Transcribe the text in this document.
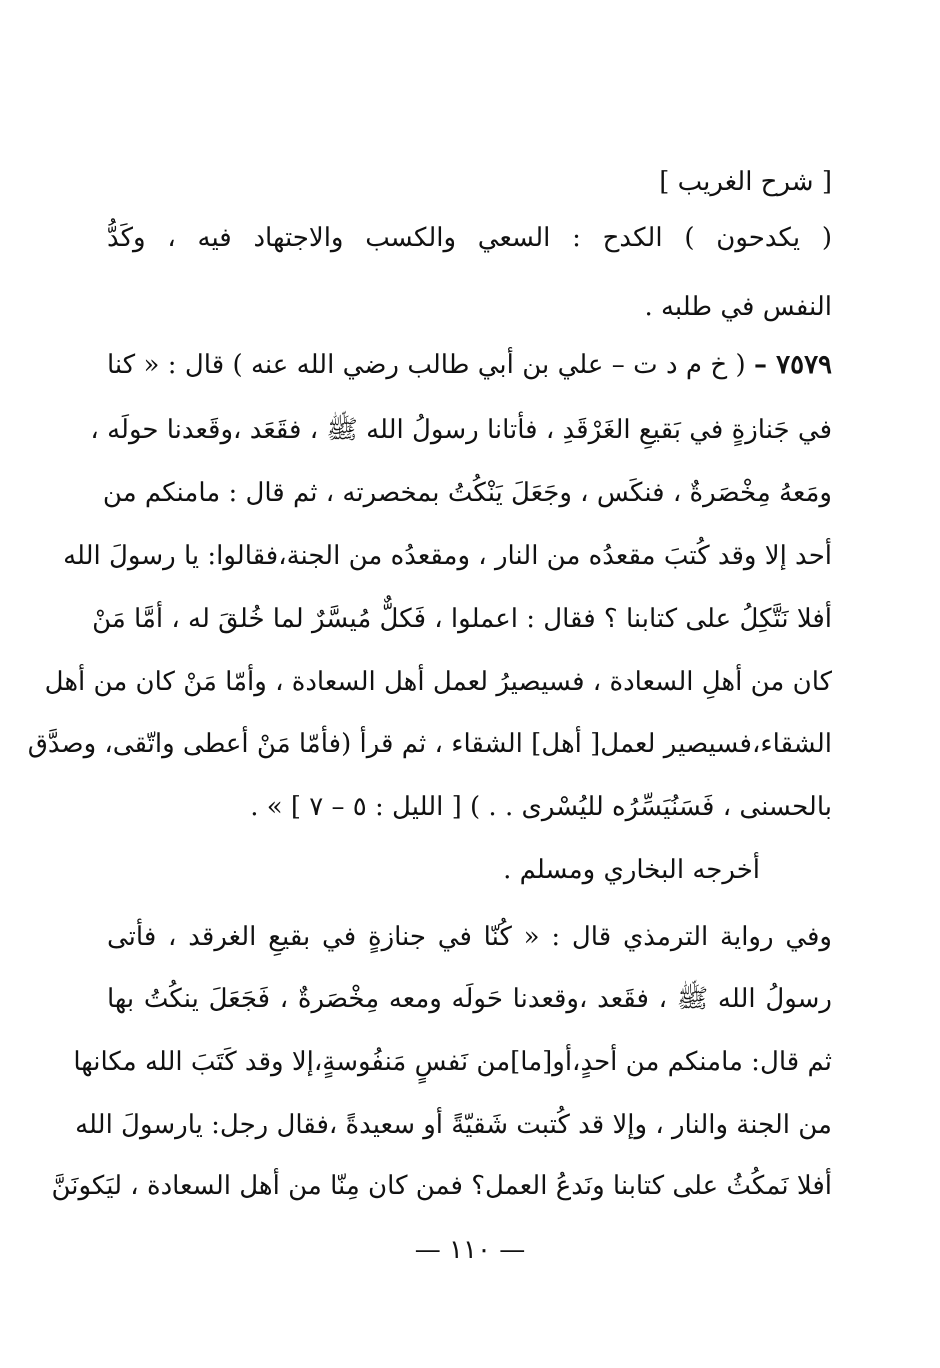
[ شرح الغريب ]
( يكدحون ) الكدح : السعي والكسب والاجتهاد فيه ، وكَدُّ
النفس في طلبه .
٧٥٧٩ – ( خ م د ت – علي بن أبي طالب رضي الله عنه ) قال : « كنا
في جَنازةٍ في بَقيعِ الغَرْقَدِ ، فأتانا رسولُ الله ﷺ ، فقَعَد ،وقَعدنا حولَه ،
ومَعهُ مِخْصَرةٌ ، فنكَس ، وجَعَلَ يَنْكُتُ بمخصرته ، ثم قال : مامنكم من
أحد إلا وقد كُتبَ مقعدُه من النار ، ومقعدُه من الجنة،فقالوا: يا رسولَ الله
أفلا نَتَّكِلُ على كتابنا ؟ فقال : اعملوا ، فَكلٌّ مُيسَّرٌ لما خُلقَ له ، أمَّا مَنْ
كان من أهلِ السعادة ، فسيصيرُ لعمل أهل السعادة ، وأمّا مَنْ كان من أهل
الشقاء،فسيصير لعمل[ أهل] الشقاء ، ثم قرأ (فأمّا مَنْ أعطى واتّقى، وصدَّق
بالحسنى ، فَسَنُيَسِّرُه لليُسْرى . . ) [ الليل : ٥ – ٧ ] » .
أخرجه البخاري ومسلم .
وفي رواية الترمذي قال : « كُنّا في جنازةٍ في بقيعِ الغرقد ، فأتى
رسولُ الله ﷺ ، فقَعد ،وقعدنا حَولَه ومعه مِخْصَرةٌ ، فَجَعَلَ ينكُتُ بها
ثم قال: مامنكم من أحدٍ،أو[ما]من نَفسٍ مَنفُوسةٍ،إلا وقد كَتَبَ الله مكانها
من الجنة والنار ، وإلا قد كُتبت شَقيّةً أو سعيدةً ،فقال رجل: يارسولَ الله
أفلا نَمكُثُ على كتابنا ونَدعُ العمل؟ فمن كان مِنّا من أهل السعادة ، ليَكونَنَّ
— ١١٠ —
